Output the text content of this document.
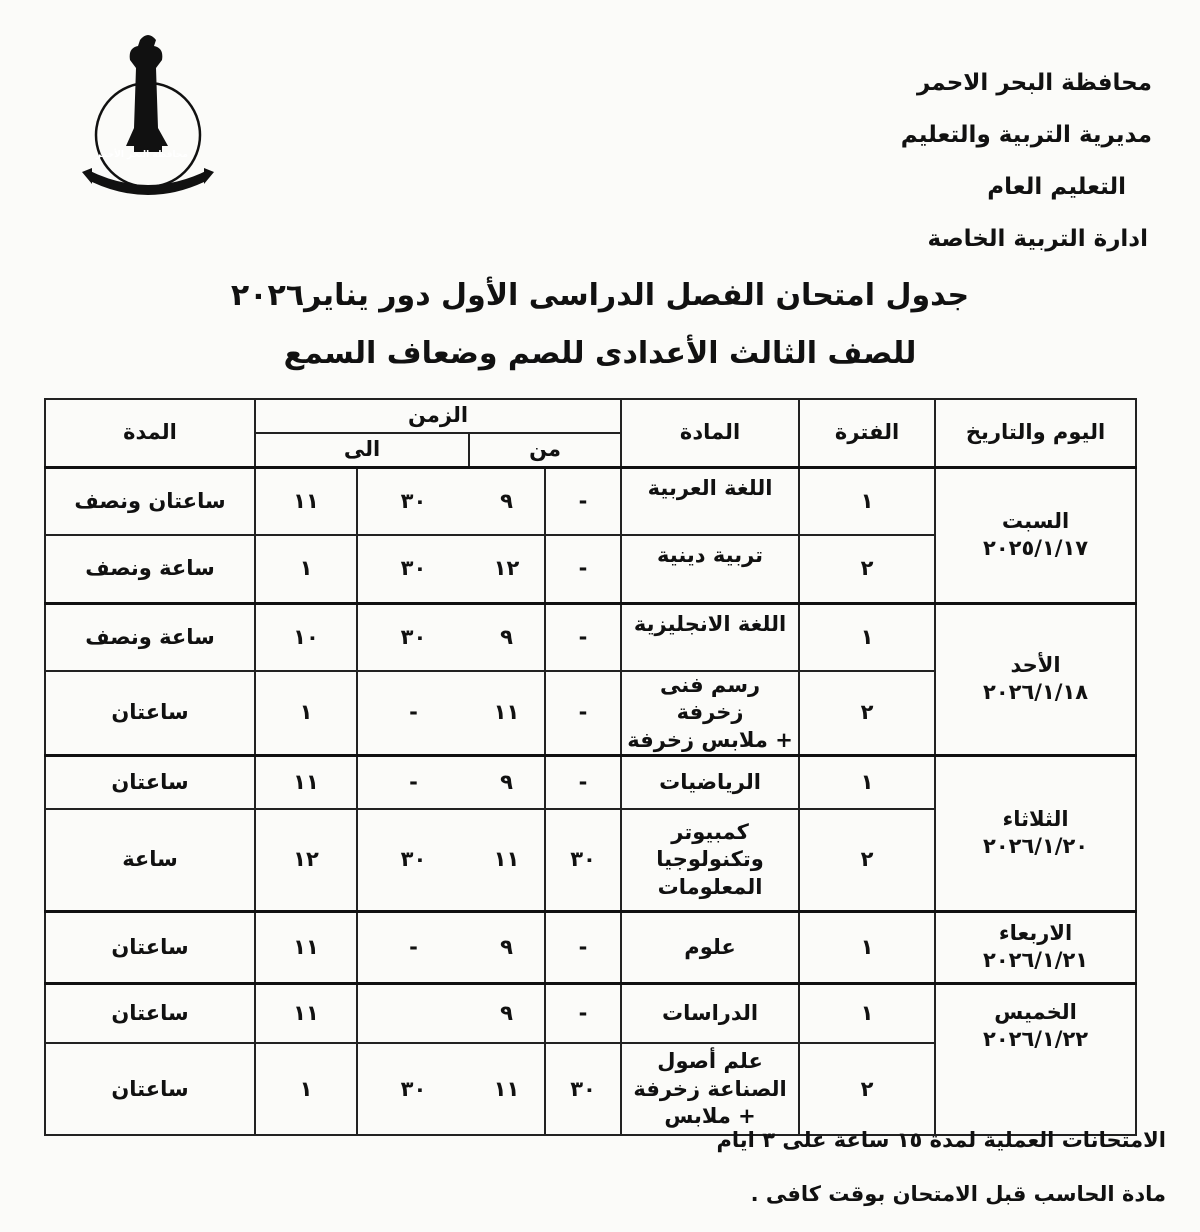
محافظة البحر الأحمر
محافظة البحر الاحمر
مديرية التربية والتعليم
التعليم العام
ادارة التربية الخاصة
جدول امتحان الفصل الدراسى الأول دور يناير٢٠٢٦
للصف الثالث الأعدادى للصم وضعاف السمع
المدة	الزمن				المادة	الفترة	اليوم والتاريخ
	الى		من				
ساعتان ونصف	١١	٣٠	٩	-	اللغة العربية	١	السبت
٢٠٢٥/١/١٧

ساعة ونصف	١	٣٠	١٢	-	تربية دينية	٢	
ساعة ونصف	١٠	٣٠	٩	-	اللغة الانجليزية	١	الأحد
٢٠٢٦/١/١٨

ساعتان	١	-	١١	-	رسم فنى زخرفة
+ ملابس زخرفة	٢	
ساعتان	١١	-	٩	-	الرياضيات	١	الثلاثاء
٢٠٢٦/١/٢٠

ساعة	١٢	٣٠	١١	٣٠	كمبيوتر
وتكنولوجيا
المعلومات	٢	
ساعتان	١١	-	٩	-	علوم	١	الاربعاء
٢٠٢٦/١/٢١

ساعتان	١١		٩	-	الدراسات	١	الخميس
٢٠٢٦/١/٢٢

ساعتان	١	٣٠	١١	٣٠	علم أصول
الصناعة زخرفة
+ ملابس	٢	
الامتحانات العملية لمدة ١٥ ساعة على ٣ ايام
مادة الحاسب قبل الامتحان بوقت كافى .
